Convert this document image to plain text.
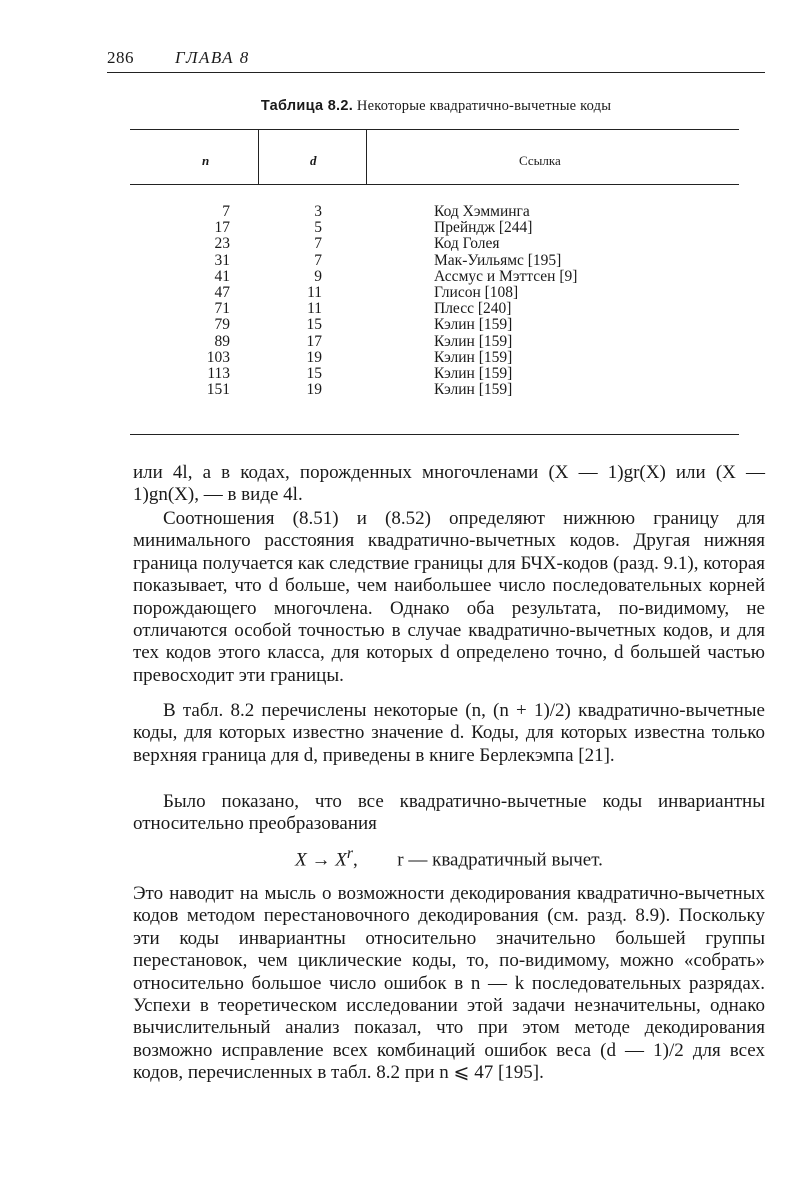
286 ГЛАВА 8
Таблица 8.2. Некоторые квадратично-вычетные коды
n	d	Ссылка
7
17
23
31
41
47
71
79
89
103
113
151
3
5
7
7
9
11
11
15
17
19
15
19
Код Хэмминга
Прейндж [244]
Код Голея
Мак-Уильямс [195]
Ассмус и Мэттсен [9]
Глисон [108]
Плесс [240]
Кэлин [159]
Кэлин [159]
Кэлин [159]
Кэлин [159]
Кэлин [159]

или 4l, а в кодах, порожденных многочленами (X — 1)gr(X) или (X — 1)gn(X), — в виде 4l.

Соотношения (8.51) и (8.52) определяют нижнюю границу для минимального расстояния квадратично-вычетных кодов. Другая нижняя граница получается как следствие границы для БЧХ-кодов (разд. 9.1), которая показывает, что d больше, чем наибольшее число последовательных корней порождающего многочлена. Однако оба результата, по-видимому, не отличаются особой точностью в случае квадратично-вычетных кодов, и для тех кодов этого класса, для которых d определено точно, d большей частью превосходит эти границы.

В табл. 8.2 перечислены некоторые (n, (n + 1)/2) квадратично-вычетные коды, для которых известно значение d. Коды, для которых известна только верхняя граница для d, приведены в книге Берлекэмпа [21].

Было показано, что все квадратично-вычетные коды инвариантны относительно преобразования

$X \to X^r$, r — квадратичный вычет.

Это наводит на мысль о возможности декодирования квадратично-вычетных кодов методом перестановочного декодирования (см. разд. 8.9). Поскольку эти коды инвариантны относительно значительно большей группы перестановок, чем циклические коды, то, по-видимому, можно «собрать» относительно большое число ошибок в n — k последовательных разрядах. Успехи в теоретическом исследовании этой задачи незначительны, однако вычислительный анализ показал, что при этом методе декодирования возможно исправление всех комбинаций ошибок веса (d — 1)/2 для всех кодов, перечисленных в табл. 8.2 при n ⩽ 47 [195].
